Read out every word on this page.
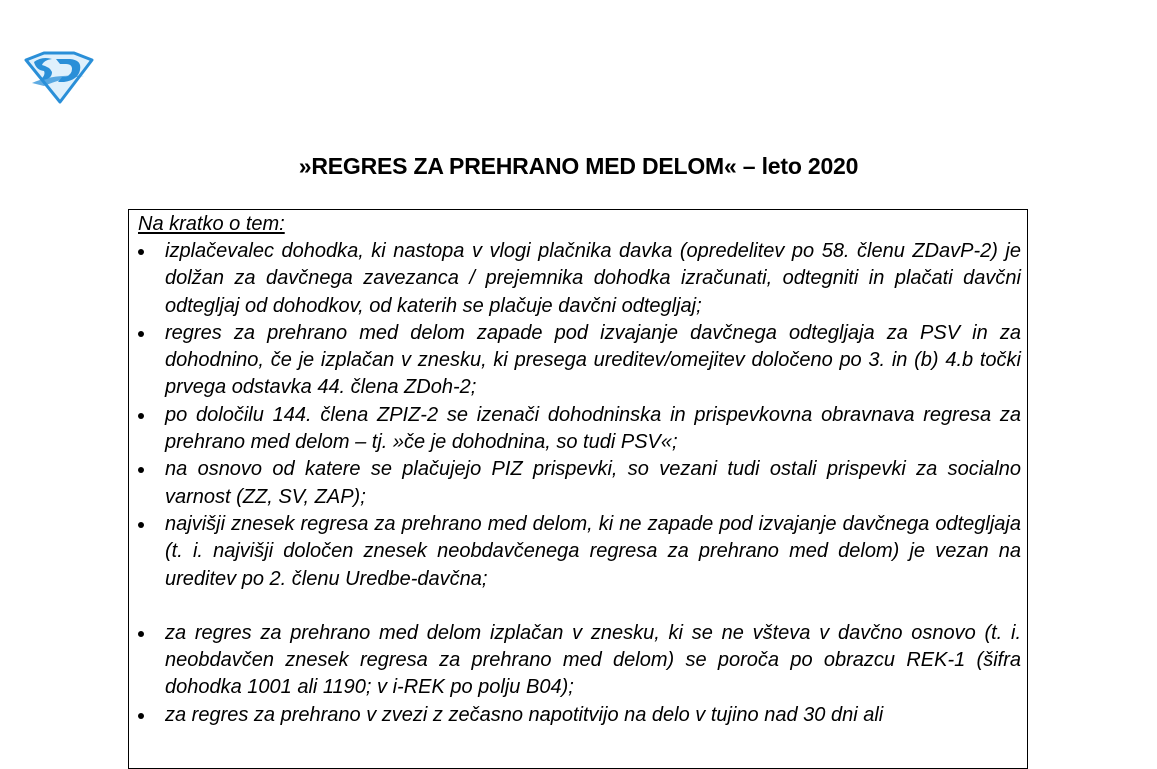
»REGRES ZA PREHRANO MED DELOM« – leto 2020
Na kratko o tem:
izplačevalec dohodka, ki nastopa v vlogi plačnika davka (opredelitev po 58. členu ZDavP-2) je dolžan za davčnega zavezanca / prejemnika dohodka izračunati, odtegniti in plačati davčni odtegljaj od dohodkov, od katerih se plačuje davčni odtegljaj;
regres za prehrano med delom zapade pod izvajanje davčnega odtegljaja za PSV in za dohodnino, če je izplačan v znesku, ki presega ureditev/omejitev določeno po 3. in (b) 4.b točki prvega odstavka 44. člena ZDoh-2;
po določilu 144. člena ZPIZ-2 se izenači dohodninska in prispevkovna obravnava regresa za prehrano med delom – tj. »če je dohodnina, so tudi PSV«;
na osnovo od katere se plačujejo PIZ prispevki, so vezani tudi ostali prispevki za socialno varnost (ZZ, SV, ZAP);
najvišji znesek regresa za prehrano med delom, ki ne zapade pod izvajanje davčnega odtegljaja (t. i. najvišji določen znesek neobdavčenega regresa za prehrano med delom) je vezan na ureditev po 2. členu Uredbe-davčna;
za regres za prehrano med delom izplačan v znesku, ki se ne všteva v davčno osnovo (t. i. neobdavčen znesek regresa za prehrano med delom) se poroča po obrazcu REK-1 (šifra dohodka 1001 ali 1190; v i-REK po polju B04);
za regres za prehrano v zvezi z zečasno napotitvijo na delo v tujino nad 30 dni ali
